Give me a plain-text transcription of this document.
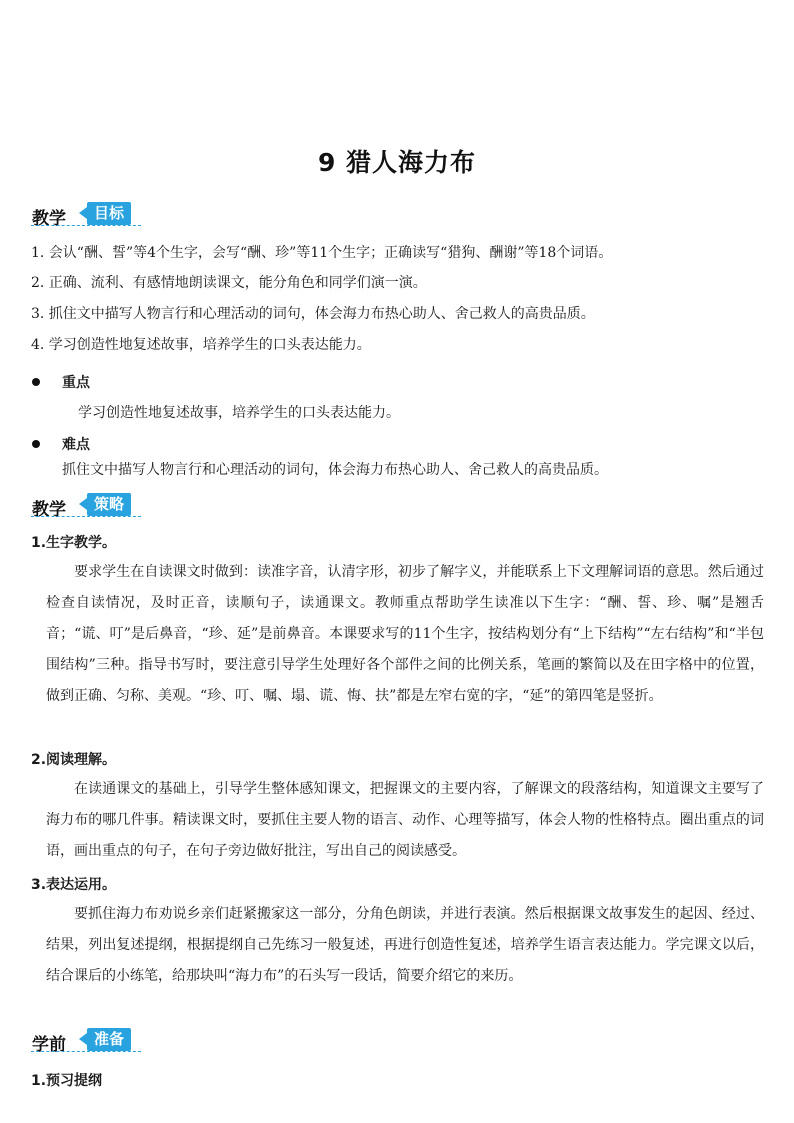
9 猎人海力布
教学	目标
1. 会认“酬、誓”等4个生字，会写“酬、珍”等11个生字；正确读写“猎狗、酬谢”等18个词语。
2. 正确、流利、有感情地朗读课文，能分角色和同学们演一演。
3. 抓住文中描写人物言行和心理活动的词句，体会海力布热心助人、舍己救人的高贵品质。
4. 学习创造性地复述故事，培养学生的口头表达能力。
重点
学习创造性地复述故事，培养学生的口头表达能力。
难点
抓住文中描写人物言行和心理活动的词句，体会海力布热心助人、舍己救人的高贵品质。
教学	策略
1.生字教学。

要求学生在自读课文时做到：读准字音，认清字形，初步了解字义，并能联系上下文理解词语的意思。然后通过检查自读情况，及时正音，读顺句子，读通课文。教师重点帮助学生读准以下生字：“酬、誓、珍、嘱”是翘舌音；“谎、叮”是后鼻音，“珍、延”是前鼻音。本课要求写的11个生字，按结构划分有“上下结构”“左右结构”和“半包围结构”三种。指导书写时，要注意引导学生处理好各个部件之间的比例关系，笔画的繁简以及在田字格中的位置，做到正确、匀称、美观。“珍、叮、嘱、塌、谎、悔、扶”都是左窄右宽的字，“延”的第四笔是竖折。

2.阅读理解。

在读通课文的基础上，引导学生整体感知课文，把握课文的主要内容，了解课文的段落结构，知道课文主要写了海力布的哪几件事。精读课文时，要抓住主要人物的语言、动作、心理等描写，体会人物的性格特点。圈出重点的词语，画出重点的句子，在句子旁边做好批注，写出自己的阅读感受。

3.表达运用。

要抓住海力布劝说乡亲们赶紧搬家这一部分，分角色朗读，并进行表演。然后根据课文故事发生的起因、经过、结果，列出复述提纲，根据提纲自己先练习一般复述，再进行创造性复述，培养学生语言表达能力。学完课文以后，结合课后的小练笔，给那块叫“海力布”的石头写一段话，简要介绍它的来历。

学前	准备
1.预习提纲
